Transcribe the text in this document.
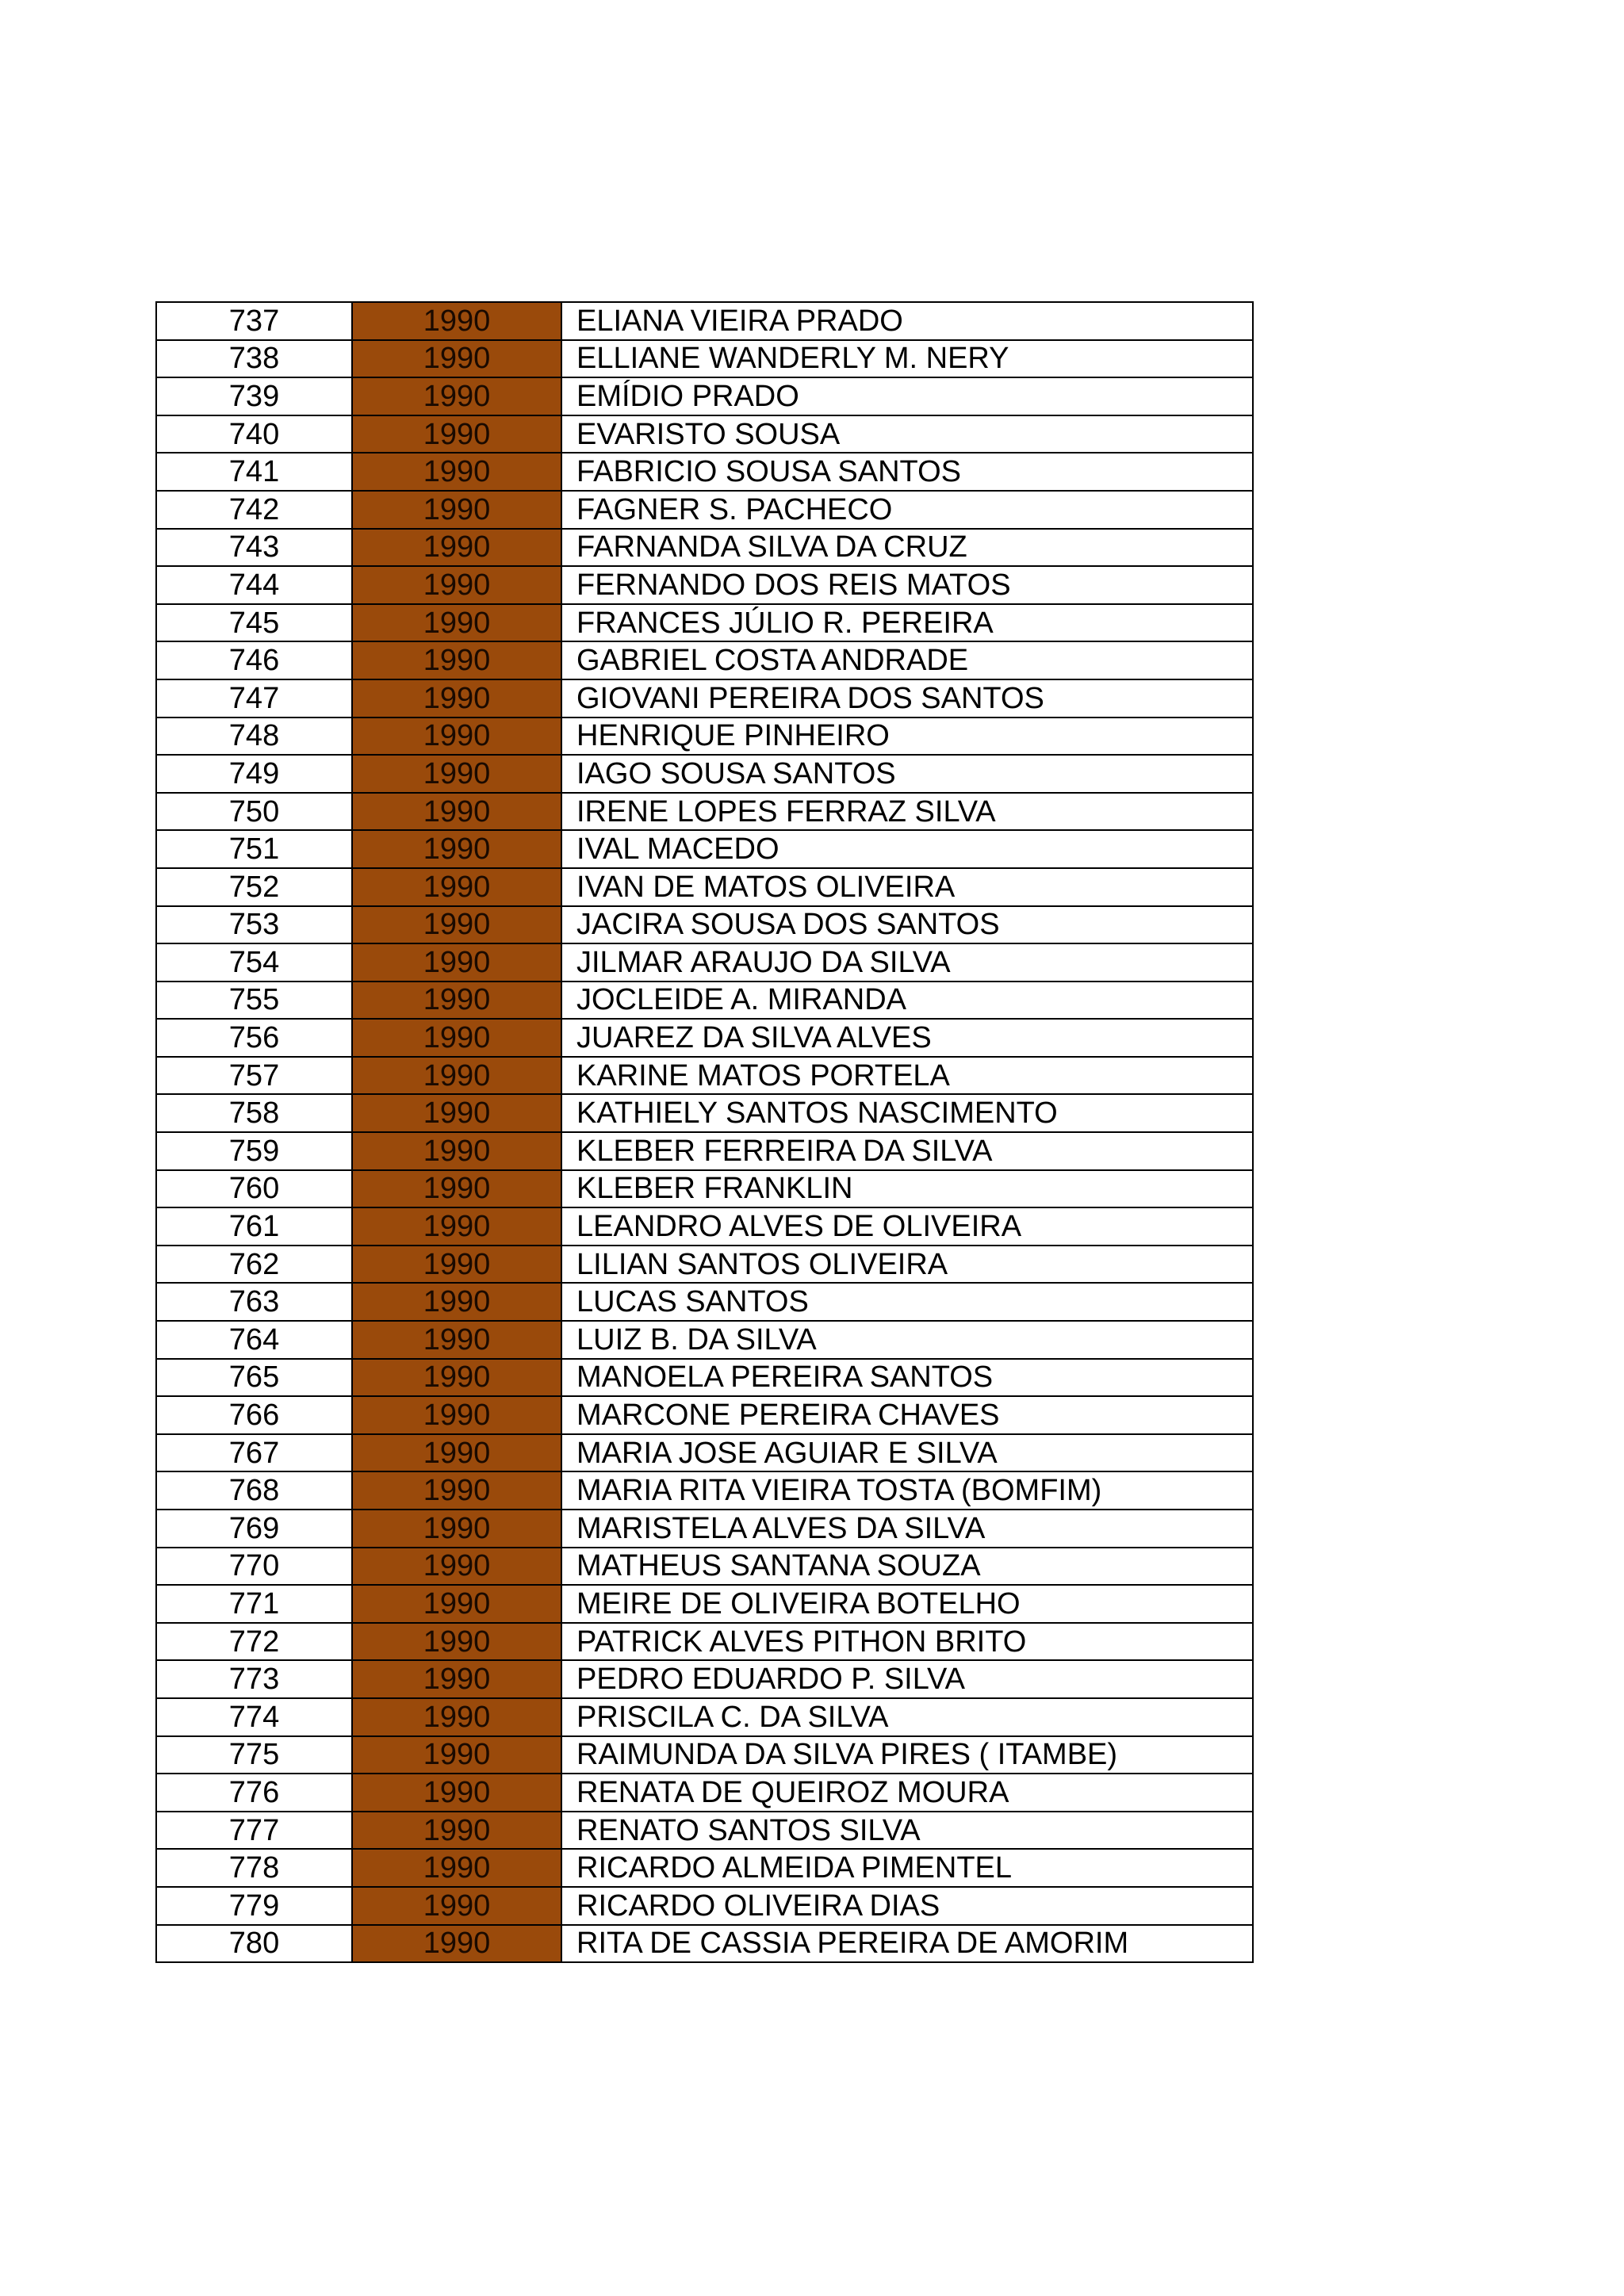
737	1990	ELIANA VIEIRA PRADO
738	1990	ELLIANE WANDERLY M. NERY
739	1990	EMÍDIO PRADO
740	1990	EVARISTO SOUSA
741	1990	FABRICIO SOUSA SANTOS
742	1990	FAGNER S. PACHECO
743	1990	FARNANDA SILVA DA CRUZ
744	1990	FERNANDO DOS REIS MATOS
745	1990	FRANCES JÚLIO R. PEREIRA
746	1990	GABRIEL COSTA ANDRADE
747	1990	GIOVANI PEREIRA DOS SANTOS
748	1990	HENRIQUE PINHEIRO
749	1990	IAGO SOUSA SANTOS
750	1990	IRENE LOPES FERRAZ SILVA
751	1990	IVAL MACEDO
752	1990	IVAN DE MATOS OLIVEIRA
753	1990	JACIRA SOUSA DOS SANTOS
754	1990	JILMAR ARAUJO DA SILVA
755	1990	JOCLEIDE A. MIRANDA
756	1990	JUAREZ DA SILVA ALVES
757	1990	KARINE MATOS PORTELA
758	1990	KATHIELY SANTOS NASCIMENTO
759	1990	KLEBER FERREIRA DA SILVA
760	1990	KLEBER FRANKLIN
761	1990	LEANDRO ALVES DE OLIVEIRA
762	1990	LILIAN SANTOS OLIVEIRA
763	1990	LUCAS SANTOS
764	1990	LUIZ B. DA SILVA
765	1990	MANOELA PEREIRA SANTOS
766	1990	MARCONE PEREIRA CHAVES
767	1990	MARIA JOSE AGUIAR E SILVA
768	1990	MARIA RITA VIEIRA TOSTA (BOMFIM)
769	1990	MARISTELA ALVES DA SILVA
770	1990	MATHEUS SANTANA SOUZA
771	1990	MEIRE DE OLIVEIRA BOTELHO
772	1990	PATRICK ALVES PITHON BRITO
773	1990	PEDRO EDUARDO P. SILVA
774	1990	PRISCILA C. DA SILVA
775	1990	RAIMUNDA DA SILVA PIRES ( ITAMBE)
776	1990	RENATA DE QUEIROZ MOURA
777	1990	RENATO SANTOS SILVA
778	1990	RICARDO ALMEIDA PIMENTEL
779	1990	RICARDO OLIVEIRA DIAS
780	1990	RITA DE CASSIA PEREIRA DE AMORIM
